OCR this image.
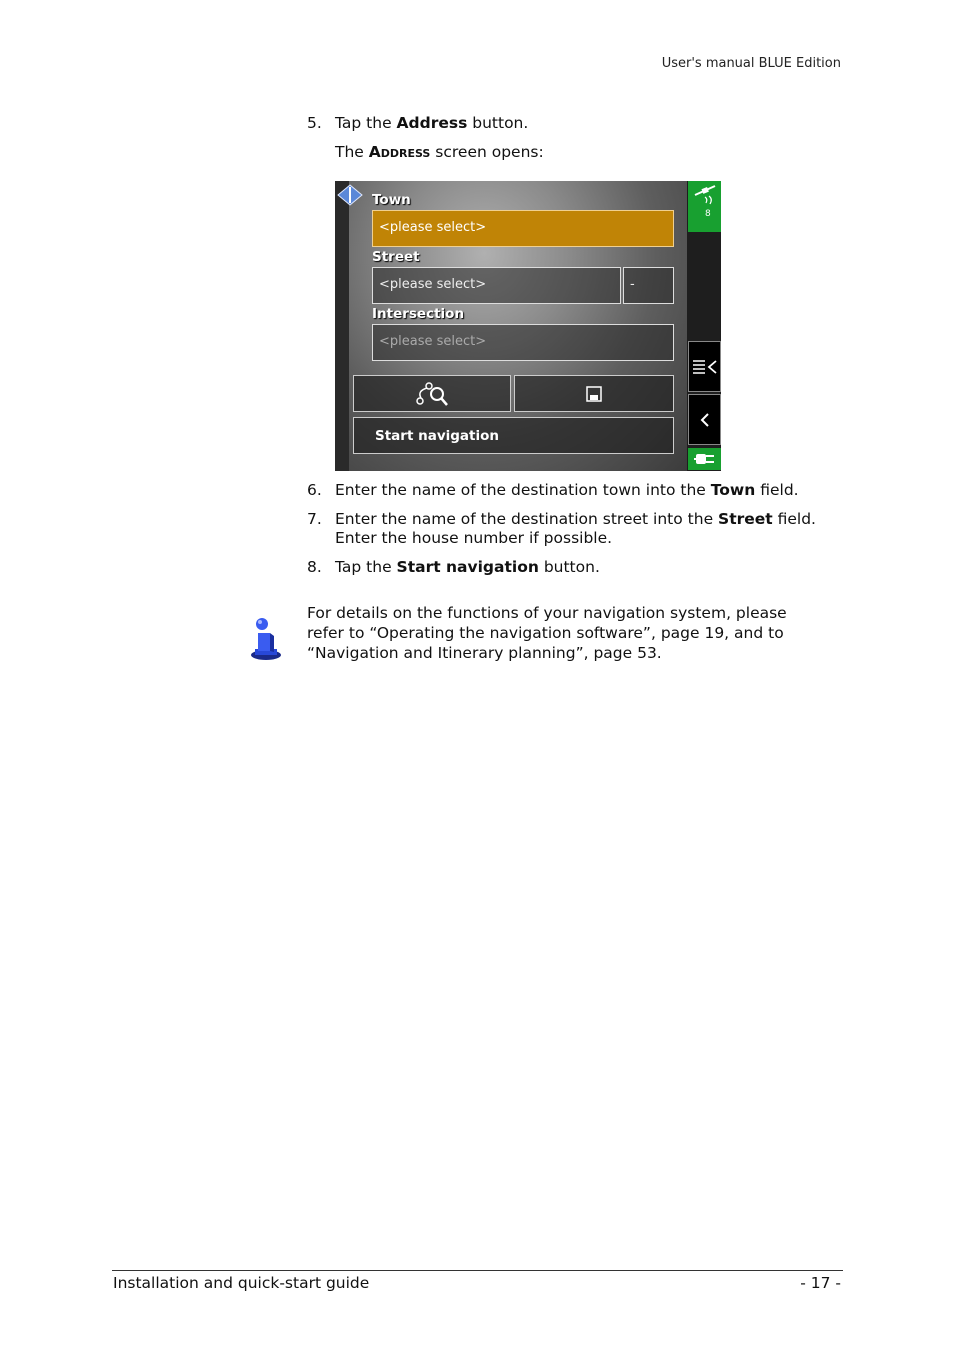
User's manual BLUE Edition
5. Tap the Address button.
The Address screen opens:
Town
<please select>
Street
<please select>	-
Intersection
<please select>
Start navigation
8
6. Enter the name of the destination town into the Town field.
7. Enter the name of the destination street into the Street field.
Enter the house number if possible.
8. Tap the Start navigation button.
For details on the functions of your navigation system, please
refer to “Operating the navigation software”, page 19, and to
“Navigation and Itinerary planning”, page 53.
Installation and quick-start guide	- 17 -
